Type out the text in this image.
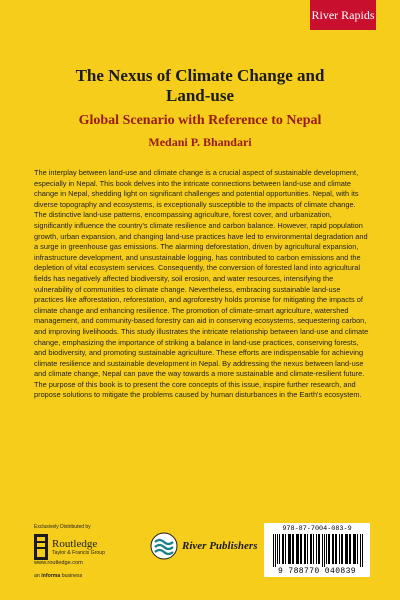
River Rapids
The Nexus of Climate Change and Land-use
Global Scenario with Reference to Nepal
Medani P. Bhandari

The interplay between land-use and climate change is a crucial aspect of sustainable development, especially in Nepal. This book delves into the intricate connections between land-use and climate change in Nepal, shedding light on significant challenges and potential opportunities. Nepal, with its diverse topography and ecosystems, is exceptionally susceptible to the impacts of climate change. The distinctive land-use patterns, encompassing agriculture, forest cover, and urbanization, significantly influence the country's climate resilience and carbon balance. However, rapid population growth, urban expansion, and changing land-use practices have led to environmental degradation and a surge in greenhouse gas emissions. The alarming deforestation, driven by agricultural expansion, infrastructure development, and unsustainable logging, has contributed to carbon emissions and the depletion of vital ecosystem services. Consequently, the conversion of forested land into agricultural fields has negatively affected biodiversity, soil erosion, and water resources, intensifying the vulnerability of communities to climate change. Nevertheless, embracing sustainable land-use practices like afforestation, reforestation, and agroforestry holds promise for mitigating the impacts of climate change and enhancing resilience. The promotion of climate-smart agriculture, watershed management, and community-based forestry can aid in conserving ecosystems, sequestering carbon, and improving livelihoods. This study illustrates the intricate relationship between land-use and climate change, emphasizing the importance of striking a balance in land-use practices, conserving forests, and biodiversity, and promoting sustainable agriculture. These efforts are indispensable for achieving climate resilience and sustainable development in Nepal. By addressing the nexus between land-use and climate change, Nepal can pave the way towards a more sustainable and climate-resilient future. The purpose of this book is to present the core concepts of this issue, inspire further research, and propose solutions to mitigate the problems caused by human disturbances in the Earth's ecosystem.

Exclusively Distributed by
Routledge
Taylor & Francis Group
www.routledge.com
an informa business
River Publishers
978-87-7004-083-9
9 788770 040839
